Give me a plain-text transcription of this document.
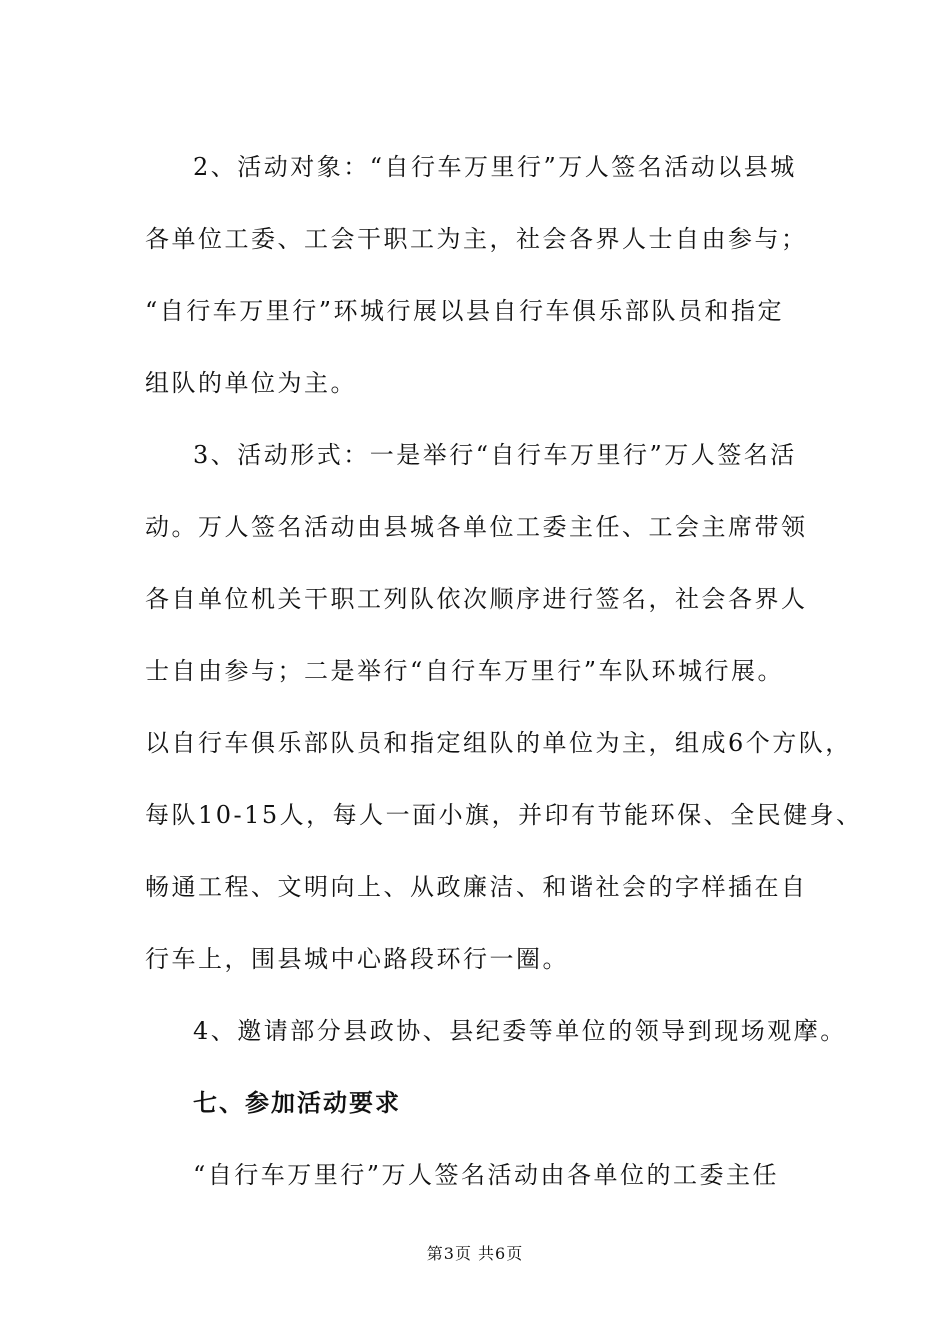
2、活动对象：“自行车万里行”万人签名活动以县城
各单位工委、工会干职工为主，社会各界人士自由参与；
“自行车万里行”环城行展以县自行车俱乐部队员和指定
组队的单位为主。
3、活动形式：一是举行“自行车万里行”万人签名活
动。万人签名活动由县城各单位工委主任、工会主席带领
各自单位机关干职工列队依次顺序进行签名，社会各界人
士自由参与；二是举行“自行车万里行”车队环城行展。
以自行车俱乐部队员和指定组队的单位为主，组成6个方队，
每队10-15人，每人一面小旗，并印有节能环保、全民健身、
畅通工程、文明向上、从政廉洁、和谐社会的字样插在自
行车上，围县城中心路段环行一圈。
4、邀请部分县政协、县纪委等单位的领导到现场观摩。
七、参加活动要求
“自行车万里行”万人签名活动由各单位的工委主任
第3页 共6页
